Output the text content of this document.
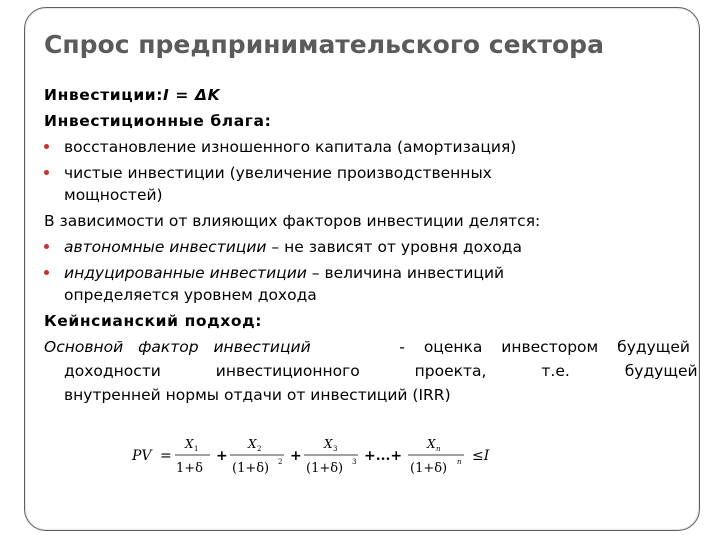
Спрос предпринимательского сектора
Инвестиции:I = ΔK
Инвестиционные блага:
восстановление изношенного капитала (амортизация)
чистые инвестиции (увеличение производственных
мощностей)
В зависимости от влияющих факторов инвестиции делятся:
автономные инвестиции – не зависят от уровня дохода
индуцированные инвестиции – величина инвестиций
определяется уровнем дохода
Кейнсианский подход:
Основной фактор инвестиций	- оценка инвестором будущей
доходности инвестиционного проекта, т.е. будущей
внутренней нормы отдачи от инвестиций (IRR)
PV =
X 1
1+δ
+
X 2
(1+δ) 2 +
X 3
(1+δ) 3 +...+
X n
(1+δ) n ≤I
